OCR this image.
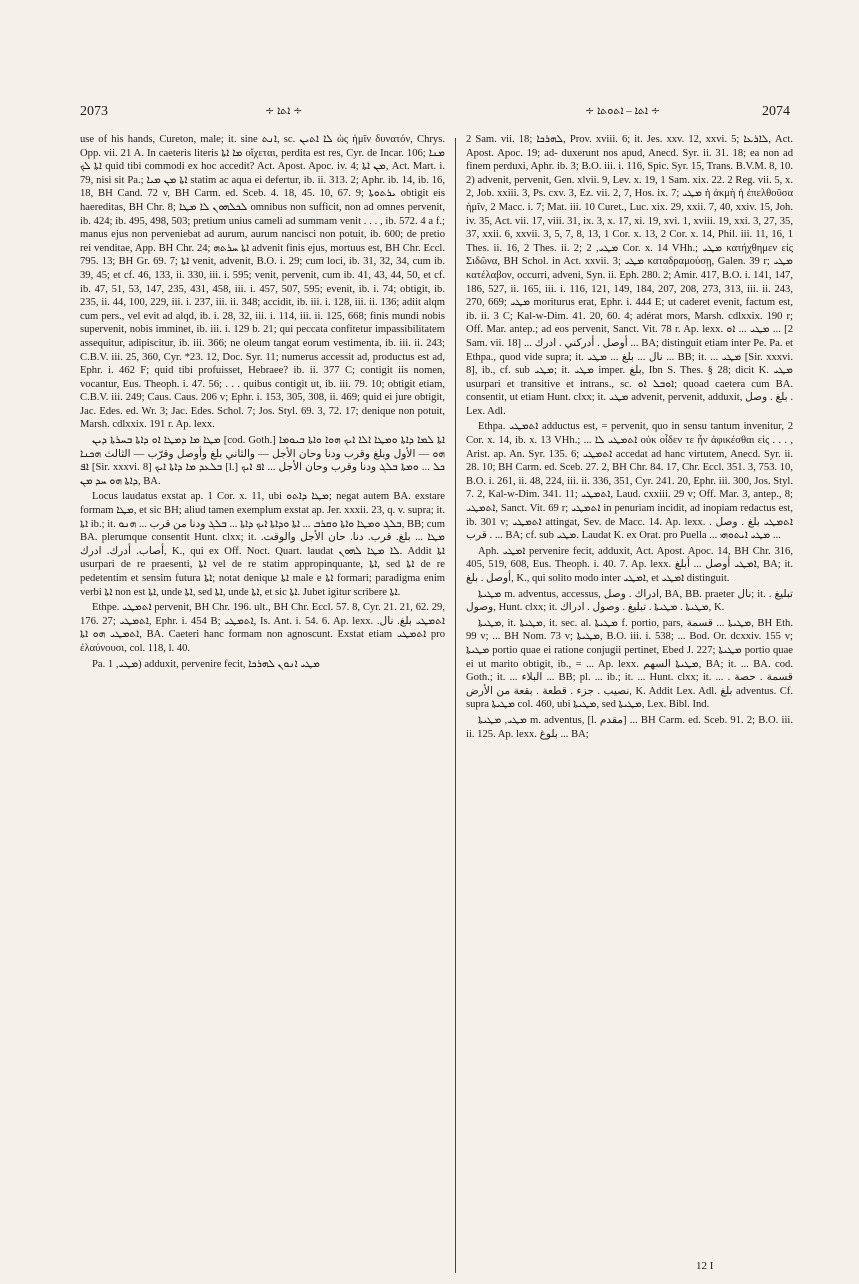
2073	∻ ܐܬܐ ∻	∻ ܐܬܐ – ܐܬܘܬܐ ∻	2074

use of his hands, Cureton, male; it. sine ܐܢܬ, sc. ܠܐ ܐܬܝܢ ὡς ἡμῖν δυνατόν, Chrys. Opp. vii. 21 A. In caeteris literis ܡܐ ܐܬܐ οἴχεται, perdita est res, Cyr. de Incar. 106; ܡܢܐ ܐܬܐ ܠܟ quid tibi commodi ex hoc accedit? Act. Apost. Apoc. iv. 4; ܡܢ ܐܬܐ, Act. Mart. i. 79, nisi sit Pa.; ܐܬܐ ܡܢ ܡܝܐ statim ac aqua ei defertur, ib. ii. 313. 2; Aphr. ib. 14, ib. 16, 18, BH Cand. 72 v, BH Carm. ed. Sceb. 4. 18, 45. 10, 67. 9; ܝܪܬܘܬܐ obtigit eis haereditas, BH Chr. 8; ܠܟܠܗܘܢ ܠܐ ܡܛܐ omnibus non sufficit, non ad omnes pervenit, ib. 424; ib. 495, 498, 503; pretium unius cameli ad summam venit . . . , ib. 572. 4 a f.; manus ejus non perveniebat ad aurum, aurum nancisci non potuit, ib. 600; de pretio rei venditae, App. BH Chr. 24; ܐܬܐ ܚܪܬܗ advenit finis ejus, mortuus est, BH Chr. Eccl. 795. 13; BH Gr. 69. 7; ܐܬܐ venit, advenit, B.O. i. 29; cum loci, ib. 31, 32, 34, cum ib. 39, 45; et cf. 46, 133, ii. 330, iii. i. 595; venit, pervenit, cum ib. 41, 43, 44, 50, et cf. ib. 47, 51, 53, 147, 235, 431, 458, iii. i. 457, 507, 595; evenit, ib. i. 74; obtigit, ib. 235, ii. 44, 100, 229, iii. i. 237, iii. ii. 348; accidit, ib. iii. i. 128, iii. ii. 136; adiit alqm cum pers., vel evit ad alqd, ib. i. 28, 32, iii. i. 114, iii. ii. 125, 668; finis mundi nobis supervenit, nobis imminet, ib. iii. i. 129 b. 21; qui peccata confitetur impassibilitatem assequitur, adipiscitur, ib. iii. 366; ne oleum tangat eorum vestimenta, ib. iii. ii. 243; C.B.V. iii. 25, 360, Cyr. *23. 12, Doc. Syr. 11; numerus accessit ad, productus est ad, Ephr. i. 462 F; quid tibi profuisset, Hebraee? ib. ii. 377 C; contigit iis nomen, vocantur, Eus. Theoph. i. 47. 56; . . . quibus contigit ut, ib. iii. 79. 10; obtigit etiam, C.B.V. iii. 249; Caus. Caus. 206 v; Ephr. i. 153, 305, 308, ii. 469; quid ei jure obtigit, Jac. Edes. ed. Wr. 3; Jac. Edes. Schol. 7; Jos. Styl. 69. 3, 72. 17; denique non potuit, Marsh. cdlxxix. 191 r. Ap. lexx.

ܡܛܐ ܡܐ ܕܡܛܐ ܐܘ ܕܐܬܐ ܒܚܪܬܐ ܕܝܢ [cod. Goth.] ܐܬܐ ܠܡܐ ܕܐܬܐ ܘܡܛܐ ܐܠܐ ܐܝܟ ܗܘܐ ܘܐܬܐ ܒܝܘܡܐ ܗܘ — الأول وبلغ وقرب ودنا وحان الأجل — والثاني بلغ وأوصل وقرّب — الثالث ܗܟܢܐ ܐܦ [Sir. xxxvi. 8] ܒܠܥܕ ܡܐ ܕܐܬܐ ܐܝܟ [l.] ܟܠ ... ܘܡܬܐ ܒܠܓ ودنا وقرب وحان الأجل ... ܐܦ ܐܝܟ ܕܐܬܐ ܗܘ ܚܕ ܡܢ, BA.

Locus laudatus exstat ap. 1 Cor. x. 11, ubi ܡܛܐ ܕܐܬܘ; negat autem BA. exstare formam ܡܛܐ, et sic BH; aliud tamen exemplum exstat ap. Jer. xxxii. 23, q. v. supra; it. ܐܬܐ ib.; it. ܒܠܓ ܘܡܛܐ ܘܐܬܐ ܘܩܪܒ ... ܐܬܐ ܘܕܐܬܐ ܐܝܟ ܕܐܬܐ ... ܒܠܓ ودنا من قرب ... ܗܢܘ, BB; cum BA. plerumque consentit Hunt. clxx; it. ܡܛܐ ... بلغ. قرب. دنا. حان الأجل والوقت. أصاب. أدرك. ادرك, K., qui ex Off. Noct. Quart. laudat ܠܐ ܡܛܐ ܠܗܘܢ. Addit ܐܬܐ usurpari de re praesenti, ܐܬܐ vel de re statim appropinquante, ܐܬܐ, sed ܐܬܐ de re pedetentim et sensim futura ܐܬܐ; notat denique ܐܬܐ male e ܐܬܐ formari; paradigma enim verbi ܐܬܐ non est ܐܬܐ, unde ܐܬܐ, sed ܐܬܐ, unde ܐܬܐ, et sic ܐܬܐ. Jubet igitur scribere ܐܬܐ.

Ethpe. ܐܬܡܛܝ pervenit, BH Chr. 196. ult., BH Chr. Eccl. 57. 8, Cyr. 21. 21, 62. 29, 176. 27; ܐܬܡܛܝ, Ephr. i. 454 B; ܐܬܡܛܝ, Is. Ant. i. 54. 6. Ap. lexx. ܐܬܡܛܝ بلغ. نال. ܐܬܡܛܝ ܗܘ ܐܬܐ, BA. Caeteri hanc formam non agnoscunt. Exstat etiam ܐܬܡܛܝ pro ἐλαύνουσι, col. 118, l. 40.

Pa. ܡܛܝ, 1) adduxit, pervenire fecit, ܡܛܝ ܐܢܘܢ ܠܗܪܟܐ

2 Sam. vii. 18; ܠܗܪܟܐ, Prov. xviii. 6; it. Jes. xxv. 12, xxvi. 5; ܠܐܪܥܐ, Act. Apost. Apoc. 19; ad- duxerunt nos apud, Anecd. Syr. ii. 31. 18; ea non ad finem perduxi, Aphr. ib. 3; B.O. iii. i. 116, Spic. Syr. 15, Trans. B.V.M. 8, 10. 2) advenit, pervenit, Gen. xlvii. 9, Lev. x. 19, 1 Sam. xix. 22. 2 Reg. vii. 5, x. 2, Job. xxiii. 3, Ps. cxv. 3, Ez. vii. 2, 7, Hos. ix. 7; ܡܛܝ ἡ ἀκμὴ ἡ ἐπελθοῦσα ἡμῖν, 2 Macc. i. 7; Mat. iii. 10 Curet., Luc. xix. 29, xxii. 7, 40, xxiv. 15, Joh. iv. 35, Act. vii. 17, viii. 31, ix. 3, x. 17, xi. 19, xvi. 1, xviii. 19, xxi. 3, 27, 35, 37, xxii. 6, xxvii. 3, 5, 7, 8, 13, 1 Cor. x. 13, 2 Cor. x. 14, Phil. iii. 11, 16, 1 Thes. ii. 16, 2 Thes. ii. 2; ܡܛܝ, 2 Cor. x. 14 VHh.; ܡܛܝ κατήχθημεν εἰς Σιδῶνα, BH Schol. in Act. xxvii. 3; ܡܛܝ καταδραμούσῃ, Galen. 39 r; ܡܛܝ κατέλαβον, occurri, adveni, Syn. ii. Eph. 280. 2; Amir. 417, B.O. i. 141, 147, 186, 527, ii. 165, iii. i. 116, 121, 149, 184, 207, 208, 273, 313, iii. ii. 243, 270, 669; ܡܛܝ moriturus erat, Ephr. i. 444 E; ut caderet evenit, factum est, ib. ii. 3 C; Kal-w-Dim. 41. 20, 60. 4; adérat mors, Marsh. cdlxxix. 190 r; Off. Mar. antep.; ad eos pervenit, Sanct. Vit. 78 r. Ap. lexx. ܡܛܝ ... ܐܘ ... [2 Sam. vii. 18] ... أوصل . أدركني . ادرك ... BA; distinguit etiam inter Pe. Pa. et Ethpa., quod vide supra; it. نال ... بلغ ... ܡܛܝ ... BB; it. ... ܡܛܝ [Sir. xxxvi. 8], ib., cf. sub ܡܛܝ; it. ܡܛܝ imper. بلغ, Ibn S. Thes. § 28; dicit K. ܡܛܝ usurpari et transitive et intrans., sc. ܐܘܒܠ ܐܘ; quoad caetera cum BA. consentit, ut etiam Hunt. clxx; it. ܡܛܝ advenit, pervenit, adduxit, بلغ . وصل . Lex. Adl.

Ethpa. ܐܬܡܛܝ adductus est, = pervenit, quo in sensu tantum invenitur, 2 Cor. x. 14, ib. x. 13 VHh.; ... ܐܬܡܛܝ ܠܐ οὐκ οἶδεν τε ἦν ἀφικέσθαι εἰς . . . , Arist. ap. An. Syr. 135. 6; ܐܬܡܛܝ accedat ad hanc virtutem, Anecd. Syr. ii. 28. 10; BH Carm. ed. Sceb. 27. 2, BH Chr. 84. 17, Chr. Eccl. 351. 3, 753. 10, B.O. i. 261, ii. 48, 224, iii. ii. 336, 351, Cyr. 241. 20, Ephr. iii. 300, Jos. Styl. 7. 2, Kal-w-Dim. 341. 11; ܐܬܡܛܝ, Laud. cxxiii. 29 v; Off. Mar. 3, antep., 8; ܐܬܡܛܝ, Sanct. Vit. 69 r; ܐܬܡܛܝ in penuriam incidit, ad inopiam redactus est, ib. 301 v; ܐܬܡܛܝ attingat, Sev. de Macc. 14. Ap. lexx. ܐܬܡܛܝ بلغ . وصل . قرب . ... BA; cf. sub ܡܛܝ. Laudat K. ex Orat. pro Puella ... ܡܛܝ ܐܝܬܘܗܝ ...

Aph. ܐܡܛܝ pervenire fecit, adduxit, Act. Apost. Apoc. 14, BH Chr. 316, 405, 519, 608, Eus. Theoph. i. 40. 7. Ap. lexx. ܐܡܛܝ أوصل ... أبلغ, BA; it. أوصل . بلغ, K., qui solito modo inter ܐܡܛܝ, et ܐܡܛܝ distinguit.

ܡܛܝܬܐ m. adventus, accessus, ادراك . وصل, BA, BB. praeter نال; it. تبليغ . وصول, Hunt. clxx; it. ܡܛܝܬܐ . ܡܛܝܬܐ . تبليغ . وصول . ادراك, K.

ܡܛܝܬܐ, it. ܡܛܝܬܐ, it. sec. al. ܡܛܝܬܐ f. portio, pars, ܡܛܝܬܐ ... قسمة, BH Eth. 99 v; ... BH Nom. 73 v; ܡܛܝܬܐ, B.O. iii. i. 538; ... Bod. Or. dcxxiv. 155 v; ܡܛܝܬܐ portio quae ei ratione conjugii pertinet, Ebed J. 227; ܡܛܝܬܐ portio quae ei ut marito obtigit, ib., = ... Ap. lexx. ܡܛܝܬܐ السهم, BA; it. ... BA. cod. Goth.; it. ... البلاء ... BB; pl. ... ib.; it. ... Hunt. clxx; it. ... قسمة . حصة . نصيب . جزء . قطعة . بقعة من الأرض, K. Addit Lex. Adl. بلغ adventus. Cf. supra ܡܛܝܬܐ col. 460, ubi ܡܛܝܬܐ, sed ܡܛܝܬܐ, Lex. Bibl. Ind.

ܡܛܝ, ܡܛܝܬܐ m. adventus, [l. مقدم] ... BH Carm. ed. Sceb. 91. 2; B.O. iii. ii. 125. Ap. lexx. بلوغ ... BA;

12 I
